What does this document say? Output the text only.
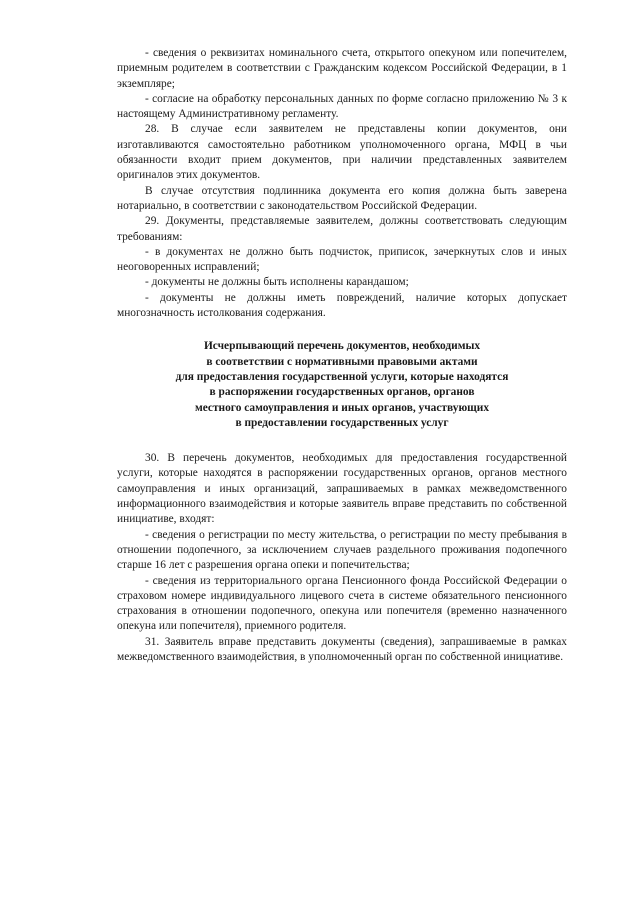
- сведения о реквизитах номинального счета, открытого опекуном или попечителем, приемным родителем в соответствии с Гражданским кодексом Российской Федерации, в 1 экземпляре;

- согласие на обработку персональных данных по форме согласно приложению № 3 к настоящему Административному регламенту.

28. В случае если заявителем не представлены копии документов, они изготавливаются самостоятельно работником уполномоченного органа, МФЦ в чьи обязанности входит прием документов, при наличии представленных заявителем оригиналов этих документов.

В случае отсутствия подлинника документа его копия должна быть заверена нотариально, в соответствии с законодательством Российской Федерации.

29. Документы, представляемые заявителем, должны соответствовать следующим требованиям:

- в документах не должно быть подчисток, приписок, зачеркнутых слов и иных неоговоренных исправлений;

- документы не должны быть исполнены карандашом;

- документы не должны иметь повреждений, наличие которых допускает многозначность истолкования содержания.

Исчерпывающий перечень документов, необходимых
в соответствии с нормативными правовыми актами
для предоставления государственной услуги, которые находятся
в распоряжении государственных органов, органов
местного самоуправления и иных органов, участвующих
в предоставлении государственных услуг

30. В перечень документов, необходимых для предоставления государственной услуги, которые находятся в распоряжении государственных органов, органов местного самоуправления и иных организаций, запрашиваемых в рамках межведомственного информационного взаимодействия и которые заявитель вправе представить по собственной инициативе, входят:

- сведения о регистрации по месту жительства, о регистрации по месту пребывания в отношении подопечного, за исключением случаев раздельного проживания подопечного старше 16 лет с разрешения органа опеки и попечительства;

- сведения из территориального органа Пенсионного фонда Российской Федерации о страховом номере индивидуального лицевого счета в системе обязательного пенсионного страхования в отношении подопечного, опекуна или попечителя (временно назначенного опекуна или попечителя), приемного родителя.

31. Заявитель вправе представить документы (сведения), запрашиваемые в рамках межведомственного взаимодействия, в уполномоченный орган по собственной инициативе.
